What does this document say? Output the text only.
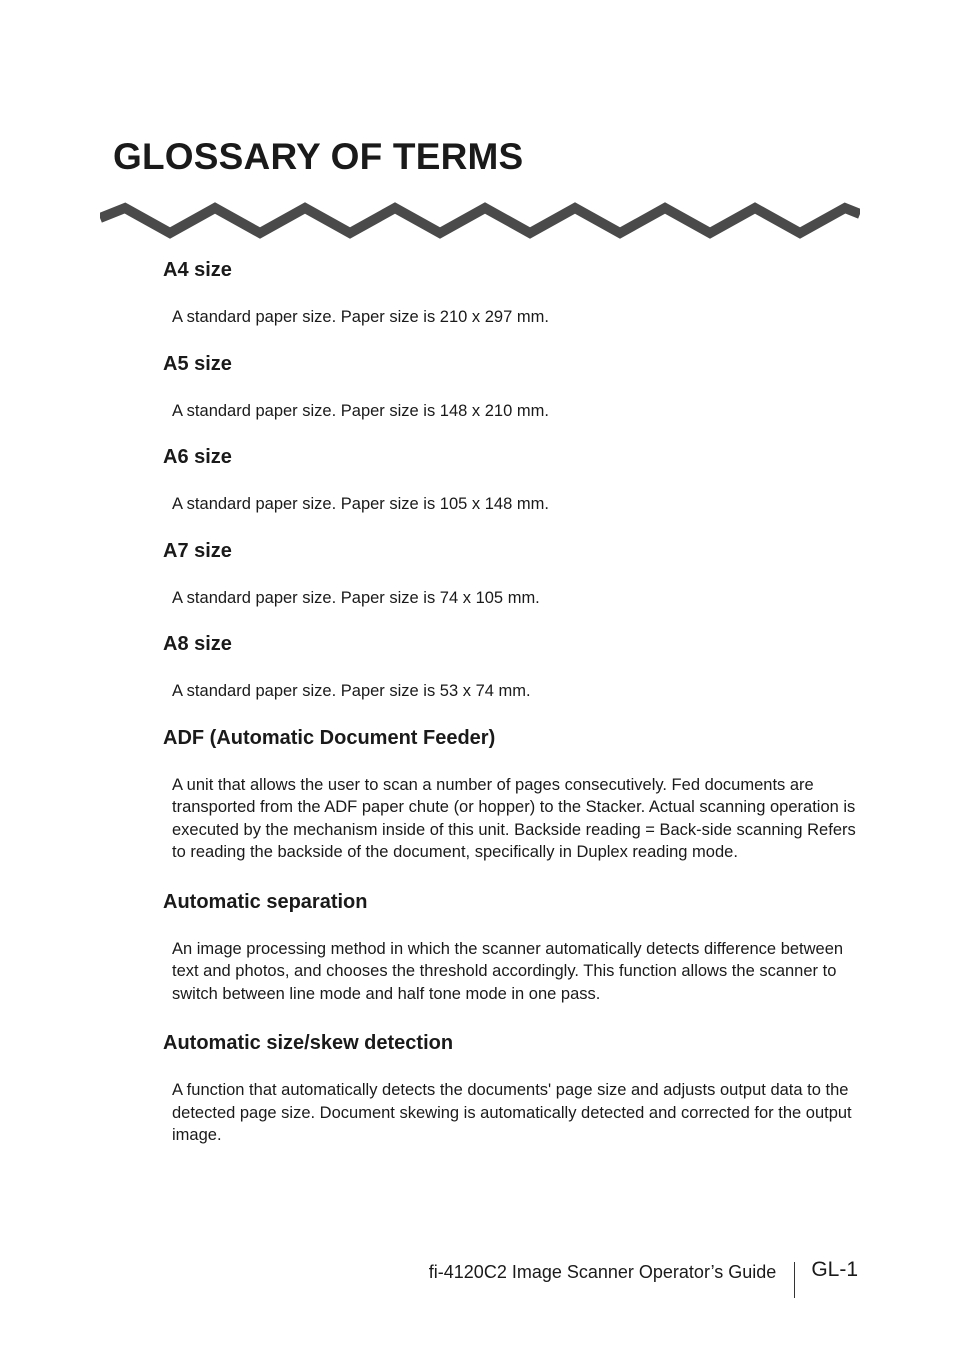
GLOSSARY OF TERMS
A4 size

A standard paper size. Paper size is 210 x 297 mm.

A5 size

A standard paper size. Paper size is 148 x 210 mm.

A6 size

A standard paper size. Paper size is 105 x 148 mm.

A7 size

A standard paper size. Paper size is 74 x 105 mm.

A8 size

A standard paper size. Paper size is 53 x 74 mm.

ADF (Automatic Document Feeder)

A unit that allows the user to scan a number of pages consecutively. Fed documents are transported from the ADF paper chute (or hopper) to the Stacker. Actual scanning operation is executed by the mechanism inside of this unit. Backside reading = Back-side scanning Refers to reading the backside of the document, specifically in Duplex reading mode.

Automatic separation

An image processing method in which the scanner automatically detects difference between text and photos, and chooses the threshold accordingly. This function allows the scanner to switch between line mode and half tone mode in one pass.

Automatic size/skew detection

A function that automatically detects the documents' page size and adjusts output data to the detected page size. Document skewing is automatically detected and corrected for the output image.

fi-4120C2 Image Scanner Operator’s Guide GL-1
